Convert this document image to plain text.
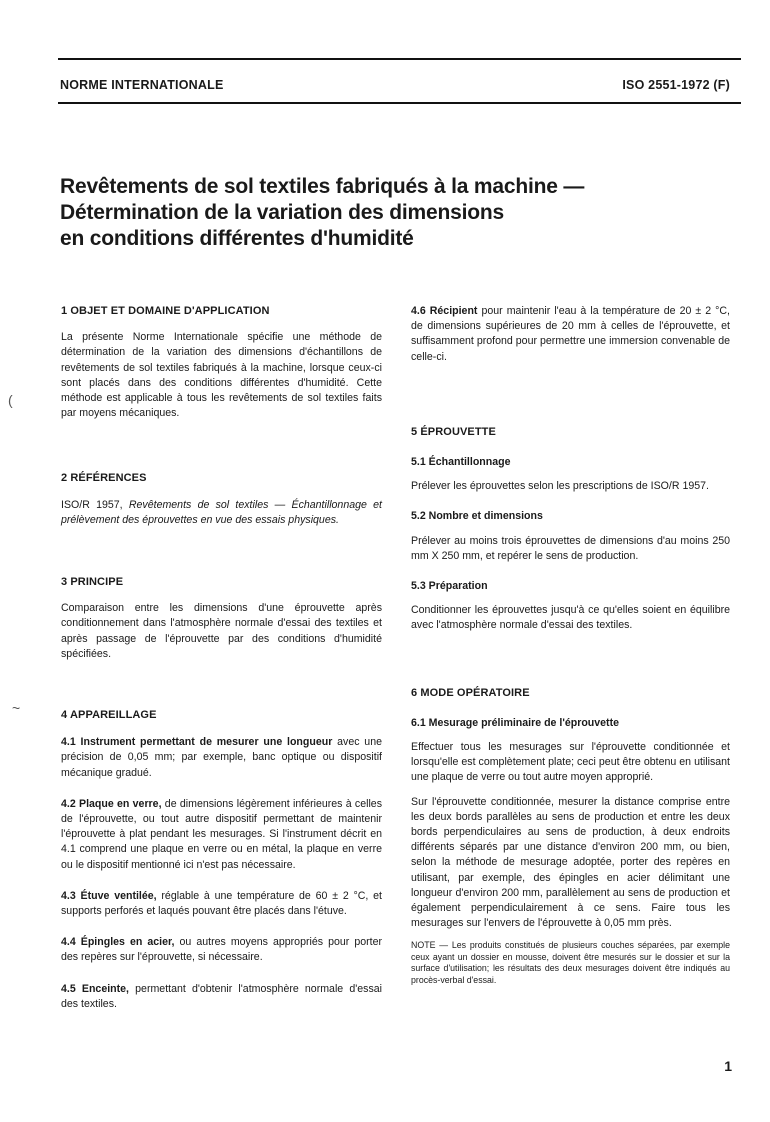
NORME INTERNATIONALE	ISO 2551-1972 (F)
Revêtements de sol textiles fabriqués à la machine —
Détermination de la variation des dimensions
en conditions différentes d'humidité
(
~
1 OBJET ET DOMAINE D'APPLICATION

La présente Norme Internationale spécifie une méthode de détermination de la variation des dimensions d'échantillons de revêtements de sol textiles fabriqués à la machine, lorsque ceux-ci sont placés dans des conditions différentes d'humidité. Cette méthode est applicable à tous les revêtements de sol textiles faits par moyens mécaniques.

2 RÉFÉRENCES

ISO/R 1957, Revêtements de sol textiles — Échantillonnage et prélèvement des éprouvettes en vue des essais physiques.

3 PRINCIPE

Comparaison entre les dimensions d'une éprouvette après conditionnement dans l'atmosphère normale d'essai des textiles et après passage de l'éprouvette par des conditions d'humidité spécifiées.

4 APPAREILLAGE

4.1 Instrument permettant de mesurer une longueur avec une précision de 0,05 mm; par exemple, banc optique ou dispositif mécanique gradué.

4.2 Plaque en verre, de dimensions légèrement inférieures à celles de l'éprouvette, ou tout autre dispositif permettant de maintenir l'éprouvette à plat pendant les mesurages. Si l'instrument décrit en 4.1 comprend une plaque en verre ou en métal, la plaque en verre ou le dispositif mentionné ici n'est pas nécessaire.

4.3 Étuve ventilée, réglable à une température de 60 ± 2 °C, et supports perforés et laqués pouvant être placés dans l'étuve.

4.4 Épingles en acier, ou autres moyens appropriés pour porter des repères sur l'éprouvette, si nécessaire.

4.5 Enceinte, permettant d'obtenir l'atmosphère normale d'essai des textiles.

4.6 Récipient pour maintenir l'eau à la température de 20 ± 2 °C, de dimensions supérieures de 20 mm à celles de l'éprouvette, et suffisamment profond pour permettre une immersion convenable de celle-ci.

5 ÉPROUVETTE
5.1 Échantillonnage

Prélever les éprouvettes selon les prescriptions de ISO/R 1957.

5.2 Nombre et dimensions

Prélever au moins trois éprouvettes de dimensions d'au moins 250 mm X 250 mm, et repérer le sens de production.

5.3 Préparation

Conditionner les éprouvettes jusqu'à ce qu'elles soient en équilibre avec l'atmosphère normale d'essai des textiles.

6 MODE OPÉRATOIRE
6.1 Mesurage préliminaire de l'éprouvette

Effectuer tous les mesurages sur l'éprouvette conditionnée et lorsqu'elle est complètement plate; ceci peut être obtenu en utilisant une plaque de verre ou tout autre moyen approprié.

Sur l'éprouvette conditionnée, mesurer la distance comprise entre les deux bords parallèles au sens de production et entre les deux bords perpendiculaires au sens de production, à deux endroits différents séparés par une distance d'environ 200 mm, ou bien, selon la méthode de mesurage adoptée, porter des repères en utilisant, par exemple, des épingles en acier délimitant une longueur d'environ 200 mm, parallèlement au sens de production et également perpendiculairement à ce sens. Faire tous les mesurages sur l'envers de l'éprouvette à 0,05 mm près.

NOTE — Les produits constitués de plusieurs couches séparées, par exemple ceux ayant un dossier en mousse, doivent être mesurés sur le dossier et sur la surface d'utilisation; les résultats des deux mesurages doivent être indiqués au procès-verbal d'essai.

1
